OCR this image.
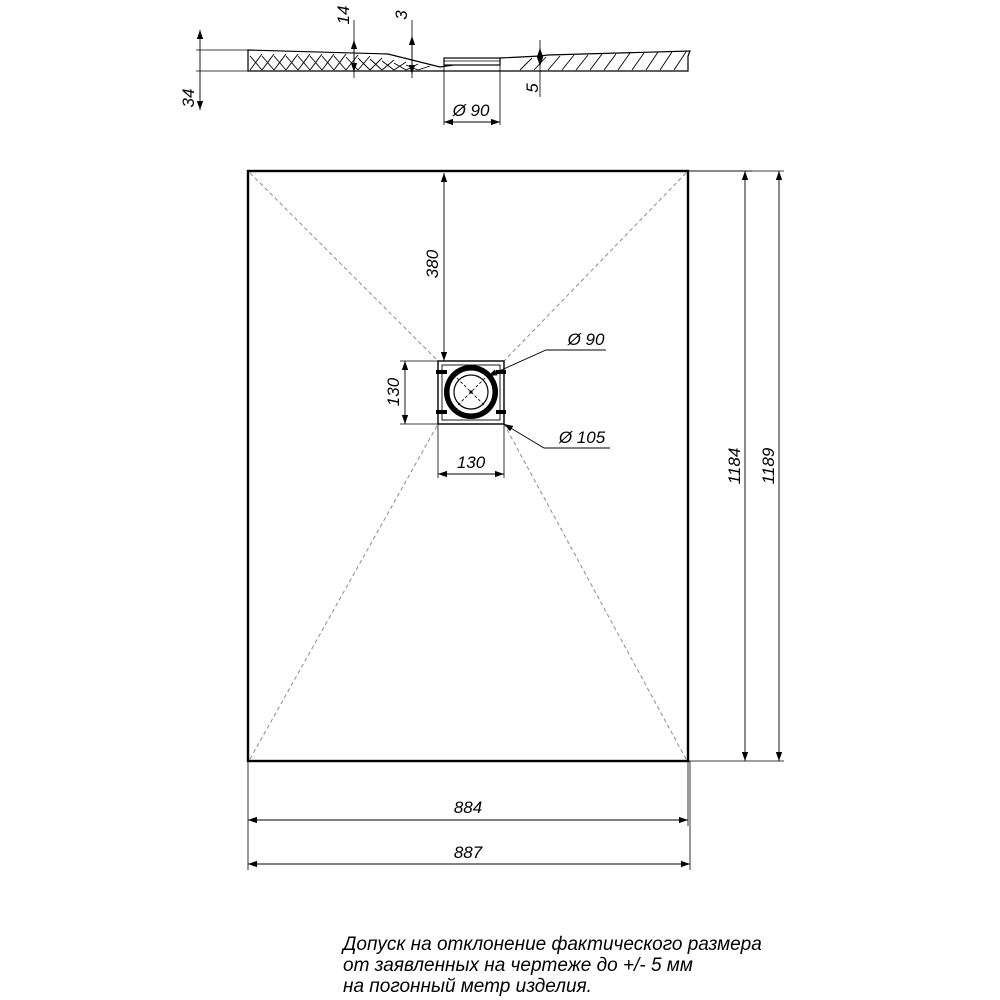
34
14 3
5
Ø 90
380
130
130
Ø 90
Ø 105
1184 1189
884
887
Допуск на отклонение фактического размера
от заявленных на чертеже до +/- 5 мм
на погонный метр изделия.
